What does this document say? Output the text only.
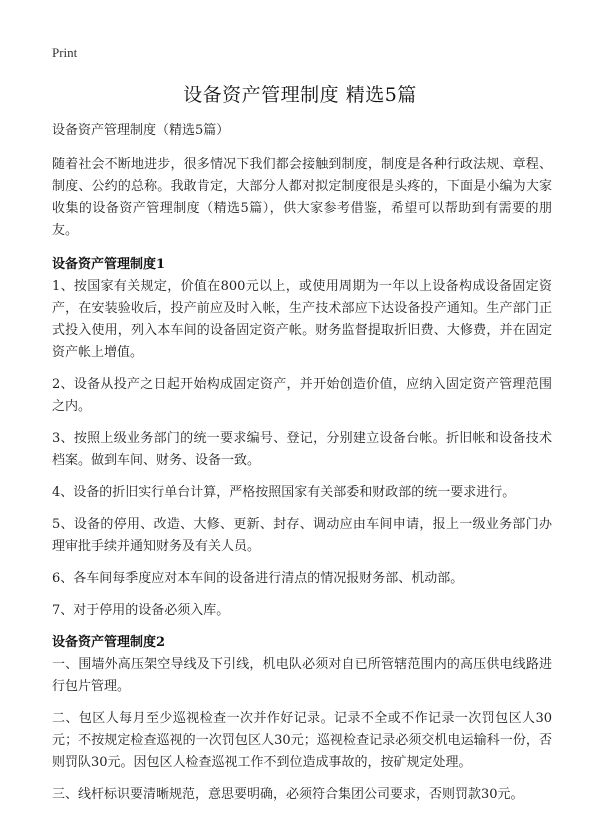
Print
设备资产管理制度 精选5篇

设备资产管理制度（精选5篇）

随着社会不断地进步，很多情况下我们都会接触到制度，制度是各种行政法规、章程、制度、公约的总称。我敢肯定，大部分人都对拟定制度很是头疼的，下面是小编为大家收集的设备资产管理制度（精选5篇），供大家参考借鉴，希望可以帮助到有需要的朋友。

设备资产管理制度1

1、按国家有关规定，价值在800元以上，或使用周期为一年以上设备构成设备固定资产，在安装验收后，投产前应及时入帐，生产技术部应下达设备投产通知。生产部门正式投入使用，列入本车间的设备固定资产帐。财务监督提取折旧费、大修费，并在固定资产帐上增值。

2、设备从投产之日起开始构成固定资产，并开始创造价值，应纳入固定资产管理范围之内。

3、按照上级业务部门的统一要求编号、登记，分别建立设备台帐。折旧帐和设备技术档案。做到车间、财务、设备一致。

4、设备的折旧实行单台计算，严格按照国家有关部委和财政部的统一要求进行。

5、设备的停用、改造、大修、更新、封存、调动应由车间申请，报上一级业务部门办理审批手续并通知财务及有关人员。

6、各车间每季度应对本车间的设备进行清点的情况报财务部、机动部。

7、对于停用的设备必须入库。

设备资产管理制度2

一、围墙外高压架空导线及下引线，机电队必须对自已所管辖范围内的高压供电线路进行包片管理。

二、包区人每月至少巡视检查一次并作好记录。记录不全或不作记录一次罚包区人30元；不按规定检查巡视的一次罚包区人30元；巡视检查记录必须交机电运输科一份，否则罚队30元。因包区人检查巡视工作不到位造成事故的，按矿规定处理。

三、线杆标识要清晰规范，意思要明确，必须符合集团公司要求，否则罚款30元。
